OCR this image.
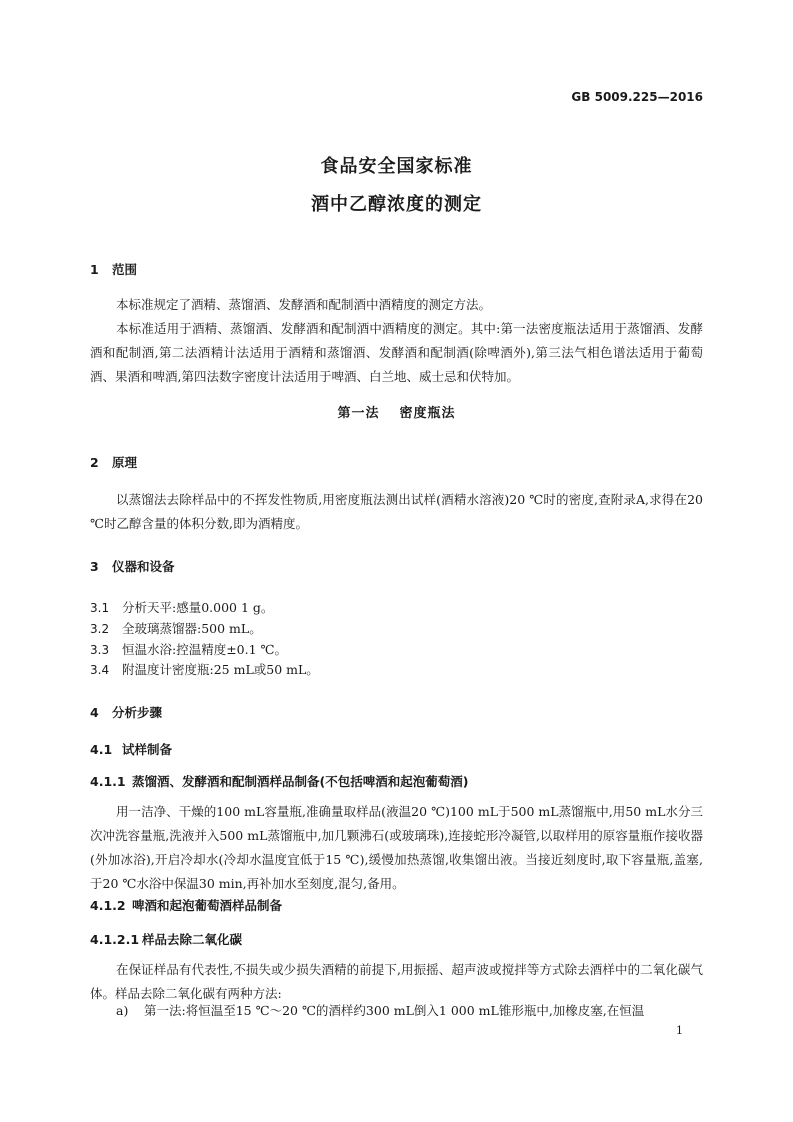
GB 5009.225—2016
食品安全国家标准
酒中乙醇浓度的测定
1 范围
本标准规定了酒精、蒸馏酒、发酵酒和配制酒中酒精度的测定方法。
本标准适用于酒精、蒸馏酒、发酵酒和配制酒中酒精度的测定。其中:第一法密度瓶法适用于蒸馏酒、发酵酒和配制酒,第二法酒精计法适用于酒精和蒸馏酒、发酵酒和配制酒(除啤酒外),第三法气相色谱法适用于葡萄酒、果酒和啤酒,第四法数字密度计法适用于啤酒、白兰地、威士忌和伏特加。
第一法 密度瓶法
2 原理
以蒸馏法去除样品中的不挥发性物质,用密度瓶法测出试样(酒精水溶液)20 ℃时的密度,查附录A,求得在20 ℃时乙醇含量的体积分数,即为酒精度。
3 仪器和设备
3.1 分析天平:感量0.000 1 g。
3.2 全玻璃蒸馏器:500 mL。
3.3 恒温水浴:控温精度±0.1 ℃。
3.4 附温度计密度瓶:25 mL或50 mL。
4 分析步骤
4.1 试样制备
4.1.1 蒸馏酒、发酵酒和配制酒样品制备(不包括啤酒和起泡葡萄酒)
用一洁净、干燥的100 mL容量瓶,准确量取样品(液温20 ℃)100 mL于500 mL蒸馏瓶中,用50 mL水分三次冲洗容量瓶,洗液并入500 mL蒸馏瓶中,加几颗沸石(或玻璃珠),连接蛇形冷凝管,以取样用的原容量瓶作接收器(外加冰浴),开启冷却水(冷却水温度宜低于15 ℃),缓慢加热蒸馏,收集馏出液。当接近刻度时,取下容量瓶,盖塞,于20 ℃水浴中保温30 min,再补加水至刻度,混匀,备用。
4.1.2 啤酒和起泡葡萄酒样品制备
4.1.2.1 样品去除二氧化碳
在保证样品有代表性,不损失或少损失酒精的前提下,用振摇、超声波或搅拌等方式除去酒样中的二氧化碳气体。样品去除二氧化碳有两种方法:
a) 第一法:将恒温至15 ℃～20 ℃的酒样约300 mL倒入1 000 mL锥形瓶中,加橡皮塞,在恒温
1
